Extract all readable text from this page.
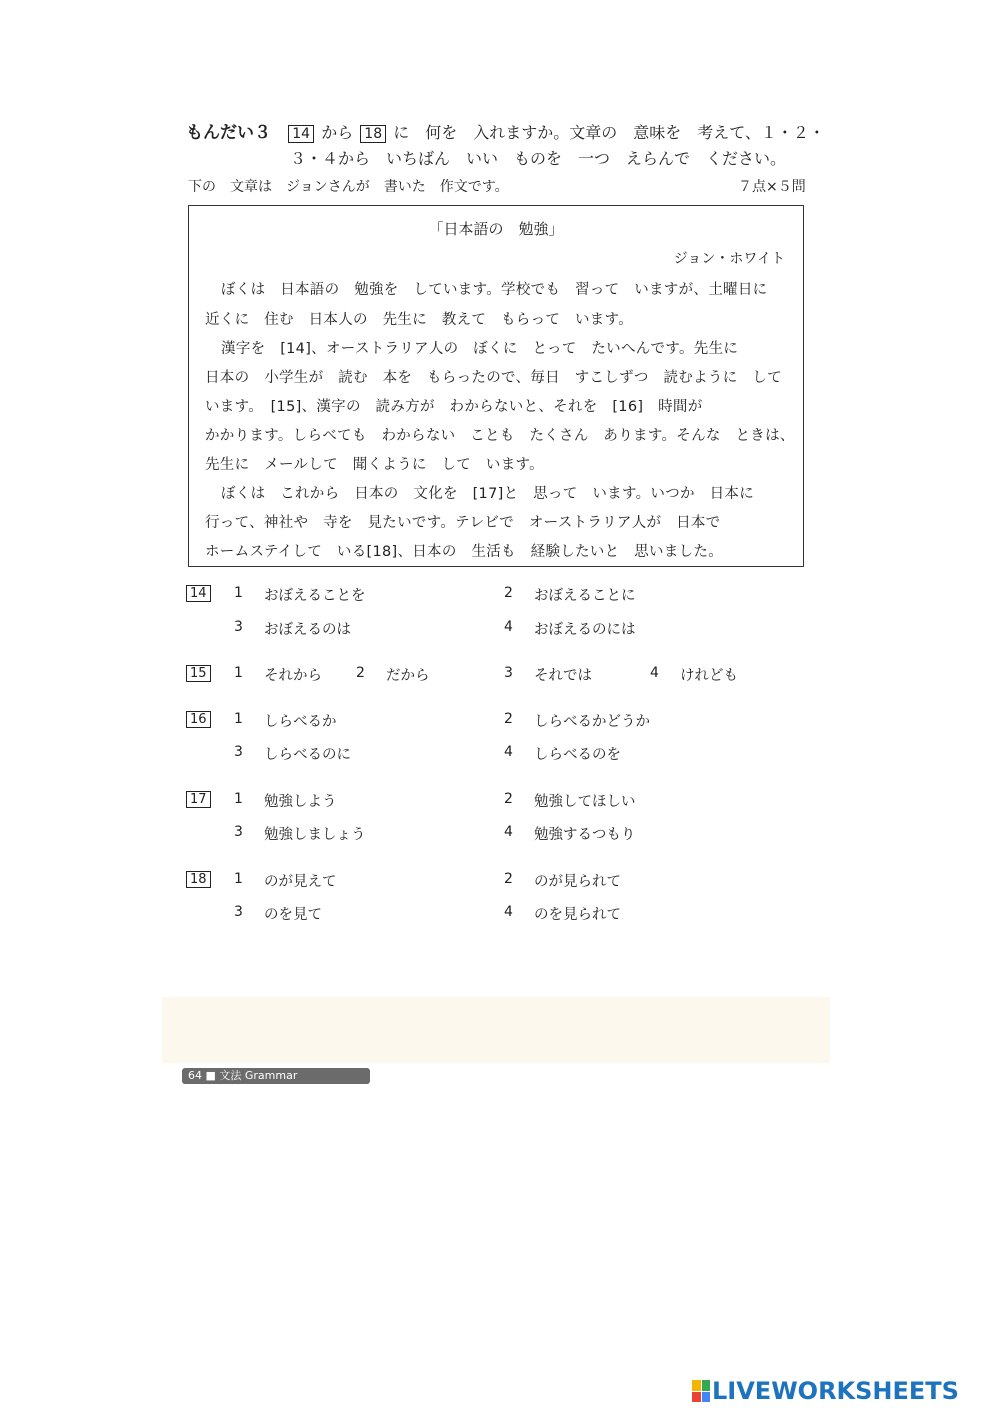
もんだい３ 14 から 18 に　何を　入れますか。文章の　意味を　考えて、１・２・
３・４から　いちばん　いい　ものを　一つ　えらんで　ください。
下の　文章は　ジョンさんが　書いた　作文です。	７点×５問
「日本語の　勉強」
ジョン・ホワイト
ぼくは　日本語の　勉強を　しています。学校でも　習って　いますが、土曜日に
近くに　住む　日本人の　先生に　教えて　もらって　います。
漢字を　[14]、オーストラリア人の　ぼくに　とって　たいへんです。先生に
日本の　小学生が　読む　本を　もらったので、毎日　すこしずつ　読むように　して
います。　[15]、漢字の　読み方が　わからないと、それを　[16]　時間が
かかります。しらべても　わからない　ことも　たくさん　あります。そんな　ときは、
先生に　メールして　聞くように　して　います。
ぼくは　これから　日本の　文化を　[17]と　思って　います。いつか　日本に
行って、神社や　寺を　見たいです。テレビで　オーストラリア人が　日本で
ホームステイして　いる[18]、日本の　生活も　経験したいと　思いました。
14 1 おぼえることを	2 おぼえることに
3 おぼえるのは	4 おぼえるのには
15 1 それから 2 だから	3 それでは	4 けれども
16 1 しらべるか	2 しらべるかどうか
3 しらべるのに	4 しらべるのを
17 1 勉強しよう	2 勉強してほしい
3 勉強しましょう	4 勉強するつもり
18 1 のが見えて	2 のが見られて
3 のを見て	4 のを見られて
64 ■ 文法 Grammar
LIVEWORKSHEETS
